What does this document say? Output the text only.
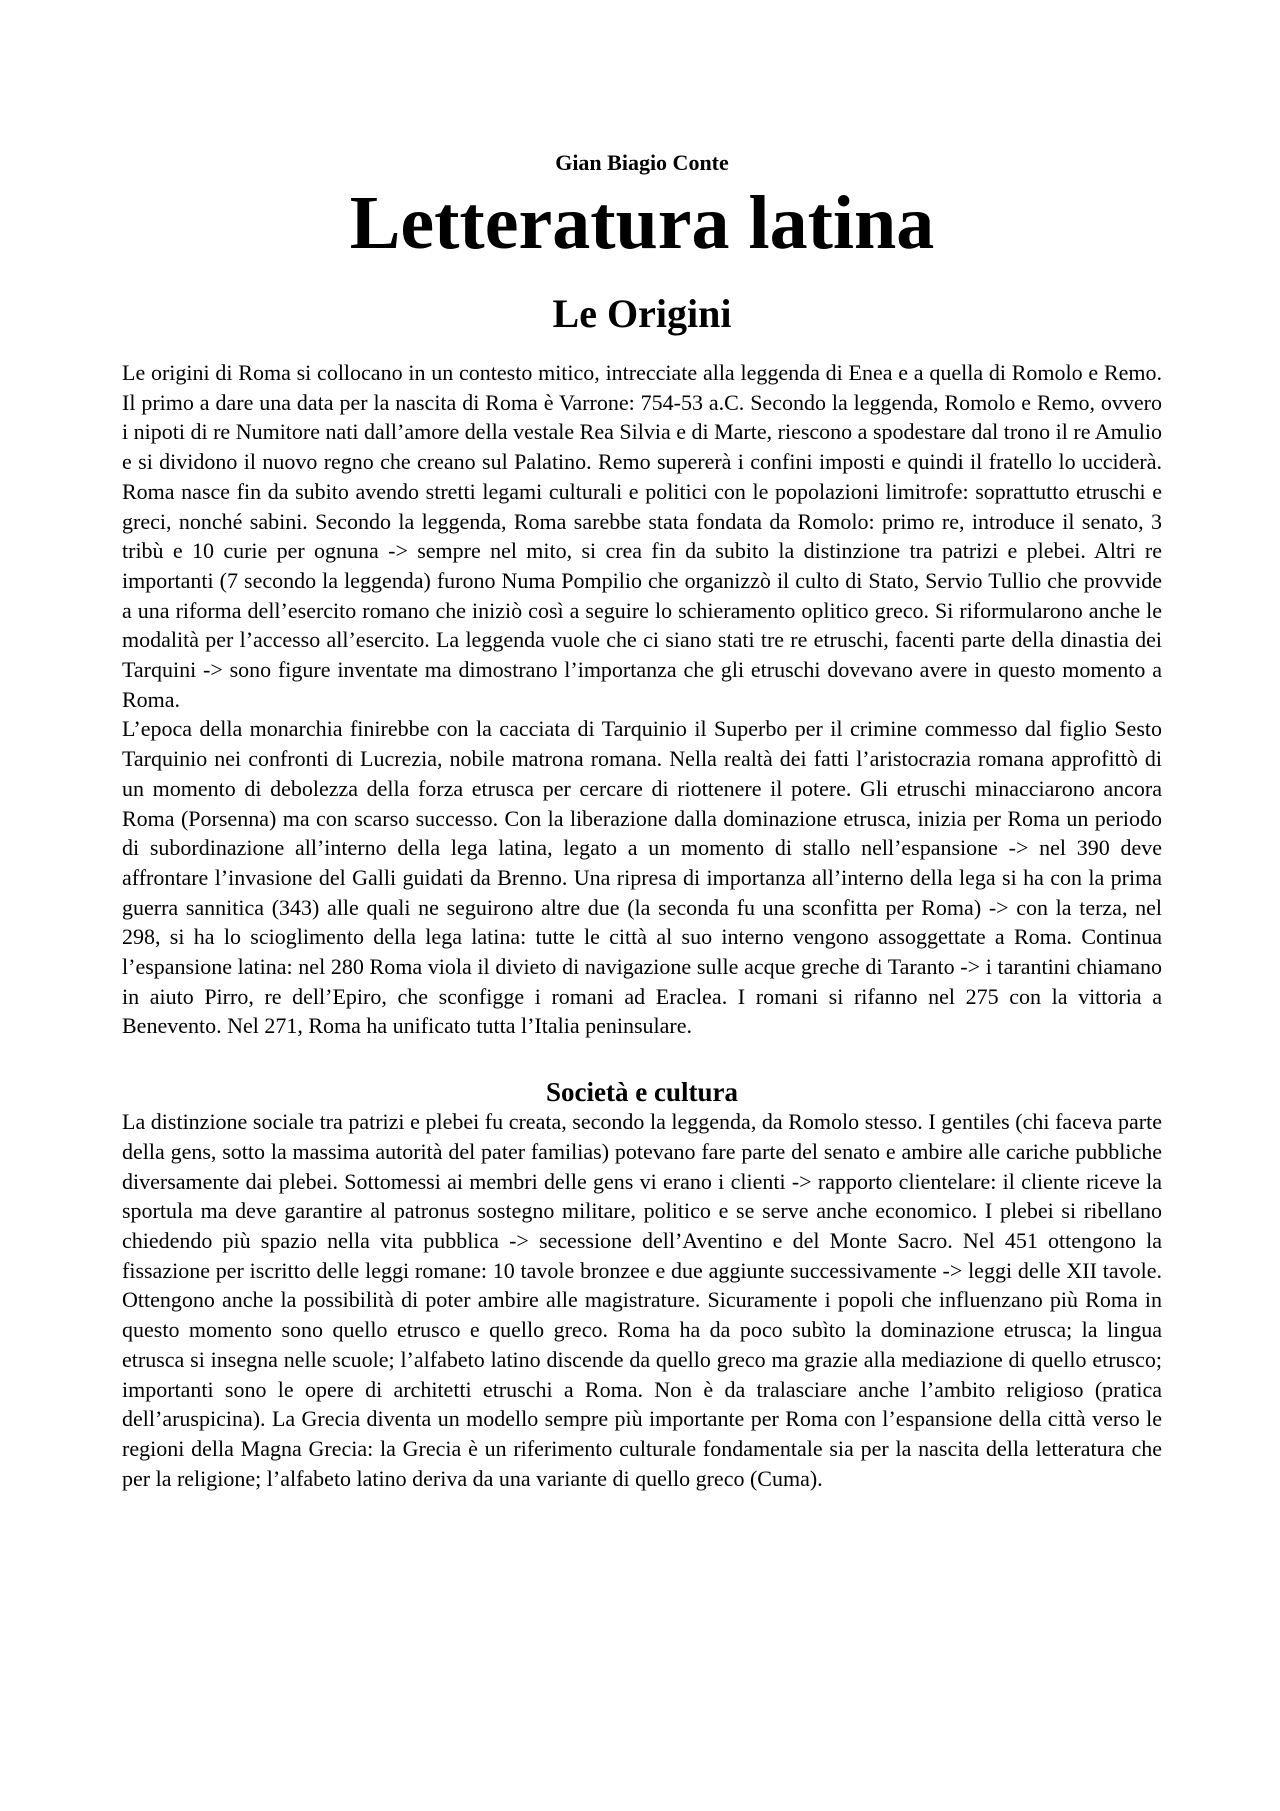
Gian Biagio Conte

Letteratura latina
Le Origini

Le origini di Roma si collocano in un contesto mitico, intrecciate alla leggenda di Enea e a quella di Romolo e Remo. Il primo a dare una data per la nascita di Roma è Varrone: 754-53 a.C. Secondo la leggenda, Romolo e Remo, ovvero i nipoti di re Numitore nati dall’amore della vestale Rea Silvia e di Marte, riescono a spodestare dal trono il re Amulio e si dividono il nuovo regno che creano sul Palatino. Remo supererà i confini imposti e quindi il fratello lo ucciderà. Roma nasce fin da subito avendo stretti legami culturali e politici con le popolazioni limitrofe: soprattutto etruschi e greci, nonché sabini. Secondo la leggenda, Roma sarebbe stata fondata da Romolo: primo re, introduce il senato, 3 tribù e 10 curie per ognuna -> sempre nel mito, si crea fin da subito la distinzione tra patrizi e plebei. Altri re importanti (7 secondo la leggenda) furono Numa Pompilio che organizzò il culto di Stato, Servio Tullio che provvide a una riforma dell’esercito romano che iniziò così a seguire lo schieramento oplitico greco. Si riformularono anche le modalità per l’accesso all’esercito. La leggenda vuole che ci siano stati tre re etruschi, facenti parte della dinastia dei Tarquini -> sono figure inventate ma dimostrano l’importanza che gli etruschi dovevano avere in questo momento a Roma.

L’epoca della monarchia finirebbe con la cacciata di Tarquinio il Superbo per il crimine commesso dal figlio Sesto Tarquinio nei confronti di Lucrezia, nobile matrona romana. Nella realtà dei fatti l’aristocrazia romana approfittò di un momento di debolezza della forza etrusca per cercare di riottenere il potere. Gli etruschi minacciarono ancora Roma (Porsenna) ma con scarso successo. Con la liberazione dalla dominazione etrusca, inizia per Roma un periodo di subordinazione all’interno della lega latina, legato a un momento di stallo nell’espansione -> nel 390 deve affrontare l’invasione del Galli guidati da Brenno. Una ripresa di importanza all’interno della lega si ha con la prima guerra sannitica (343) alle quali ne seguirono altre due (la seconda fu una sconfitta per Roma) -> con la terza, nel 298, si ha lo scioglimento della lega latina: tutte le città al suo interno vengono assoggettate a Roma. Continua l’espansione latina: nel 280 Roma viola il divieto di navigazione sulle acque greche di Taranto -> i tarantini chiamano in aiuto Pirro, re dell’Epiro, che sconfigge i romani ad Eraclea. I romani si rifanno nel 275 con la vittoria a Benevento. Nel 271, Roma ha unificato tutta l’Italia peninsulare.

Società e cultura

La distinzione sociale tra patrizi e plebei fu creata, secondo la leggenda, da Romolo stesso. I gentiles (chi faceva parte della gens, sotto la massima autorità del pater familias) potevano fare parte del senato e ambire alle cariche pubbliche diversamente dai plebei. Sottomessi ai membri delle gens vi erano i clienti -> rapporto clientelare: il cliente riceve la sportula ma deve garantire al patronus sostegno militare, politico e se serve anche economico. I plebei si ribellano chiedendo più spazio nella vita pubblica -> secessione dell’Aventino e del Monte Sacro. Nel 451 ottengono la fissazione per iscritto delle leggi romane: 10 tavole bronzee e due aggiunte successivamente -> leggi delle XII tavole. Ottengono anche la possibilità di poter ambire alle magistrature. Sicuramente i popoli che influenzano più Roma in questo momento sono quello etrusco e quello greco. Roma ha da poco subìto la dominazione etrusca; la lingua etrusca si insegna nelle scuole; l’alfabeto latino discende da quello greco ma grazie alla mediazione di quello etrusco; importanti sono le opere di architetti etruschi a Roma. Non è da tralasciare anche l’ambito religioso (pratica dell’aruspicina). La Grecia diventa un modello sempre più importante per Roma con l’espansione della città verso le regioni della Magna Grecia: la Grecia è un riferimento culturale fondamentale sia per la nascita della letteratura che per la religione; l’alfabeto latino deriva da una variante di quello greco (Cuma).
